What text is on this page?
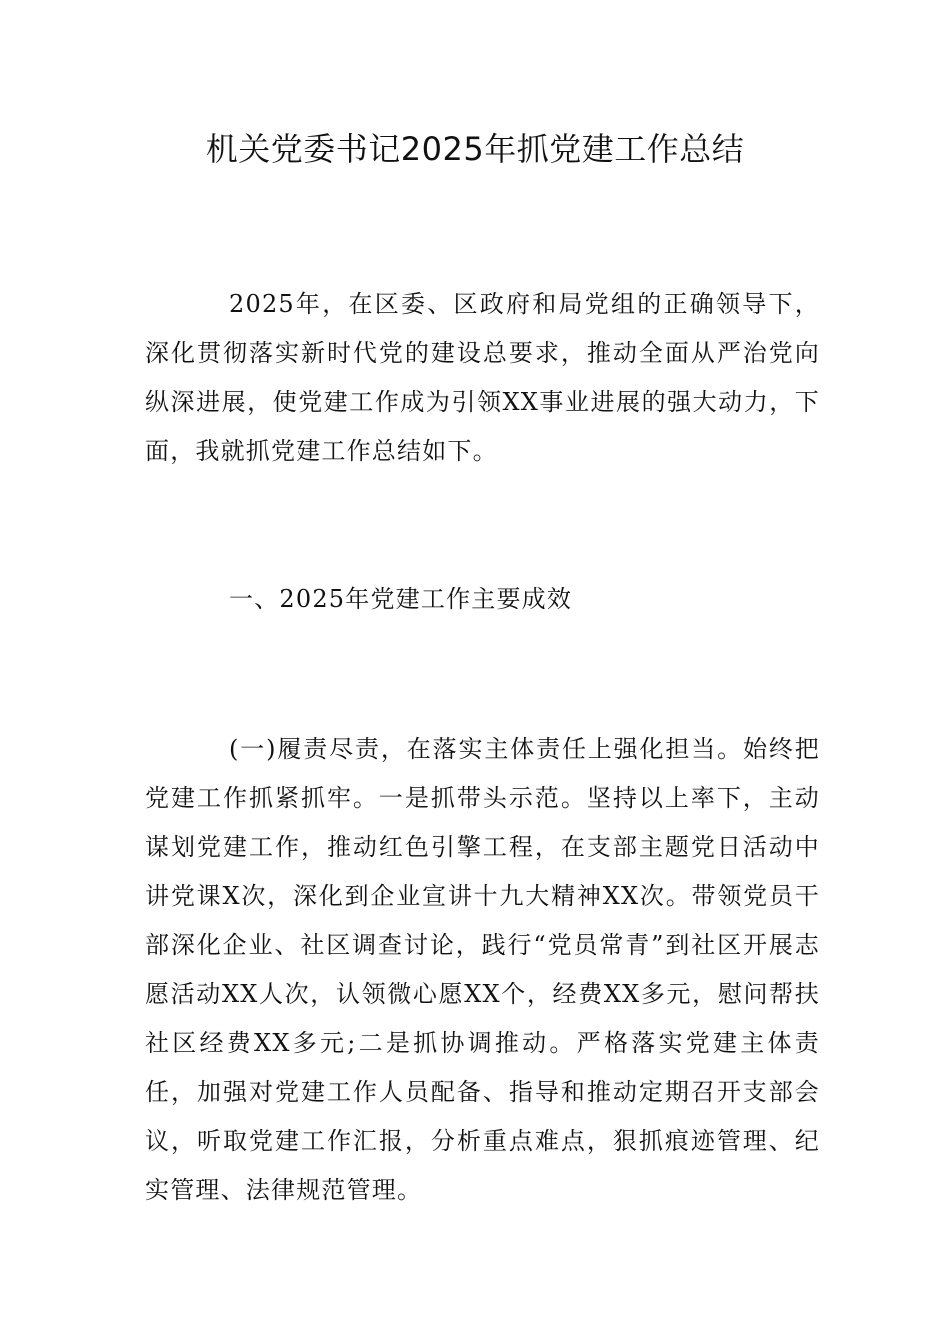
机关党委书记2025年抓党建工作总结

2025年，在区委、区政府和局党组的正确领导下，深化贯彻落实新时代党的建设总要求，推动全面从严治党向纵深进展，使党建工作成为引领XX事业进展的强大动力，下面，我就抓党建工作总结如下。

一、2025年党建工作主要成效

(一)履责尽责，在落实主体责任上强化担当。始终把党建工作抓紧抓牢。一是抓带头示范。坚持以上率下，主动谋划党建工作，推动红色引擎工程，在支部主题党日活动中讲党课X次，深化到企业宣讲十九大精神XX次。带领党员干部深化企业、社区调查讨论，践行“党员常青”到社区开展志愿活动XX人次，认领微心愿XX个，经费XX多元，慰问帮扶社区经费XX多元;二是抓协调推动。严格落实党建主体责任，加强对党建工作人员配备、指导和推动定期召开支部会议，听取党建工作汇报，分析重点难点，狠抓痕迹管理、纪实管理、法律规范管理。
